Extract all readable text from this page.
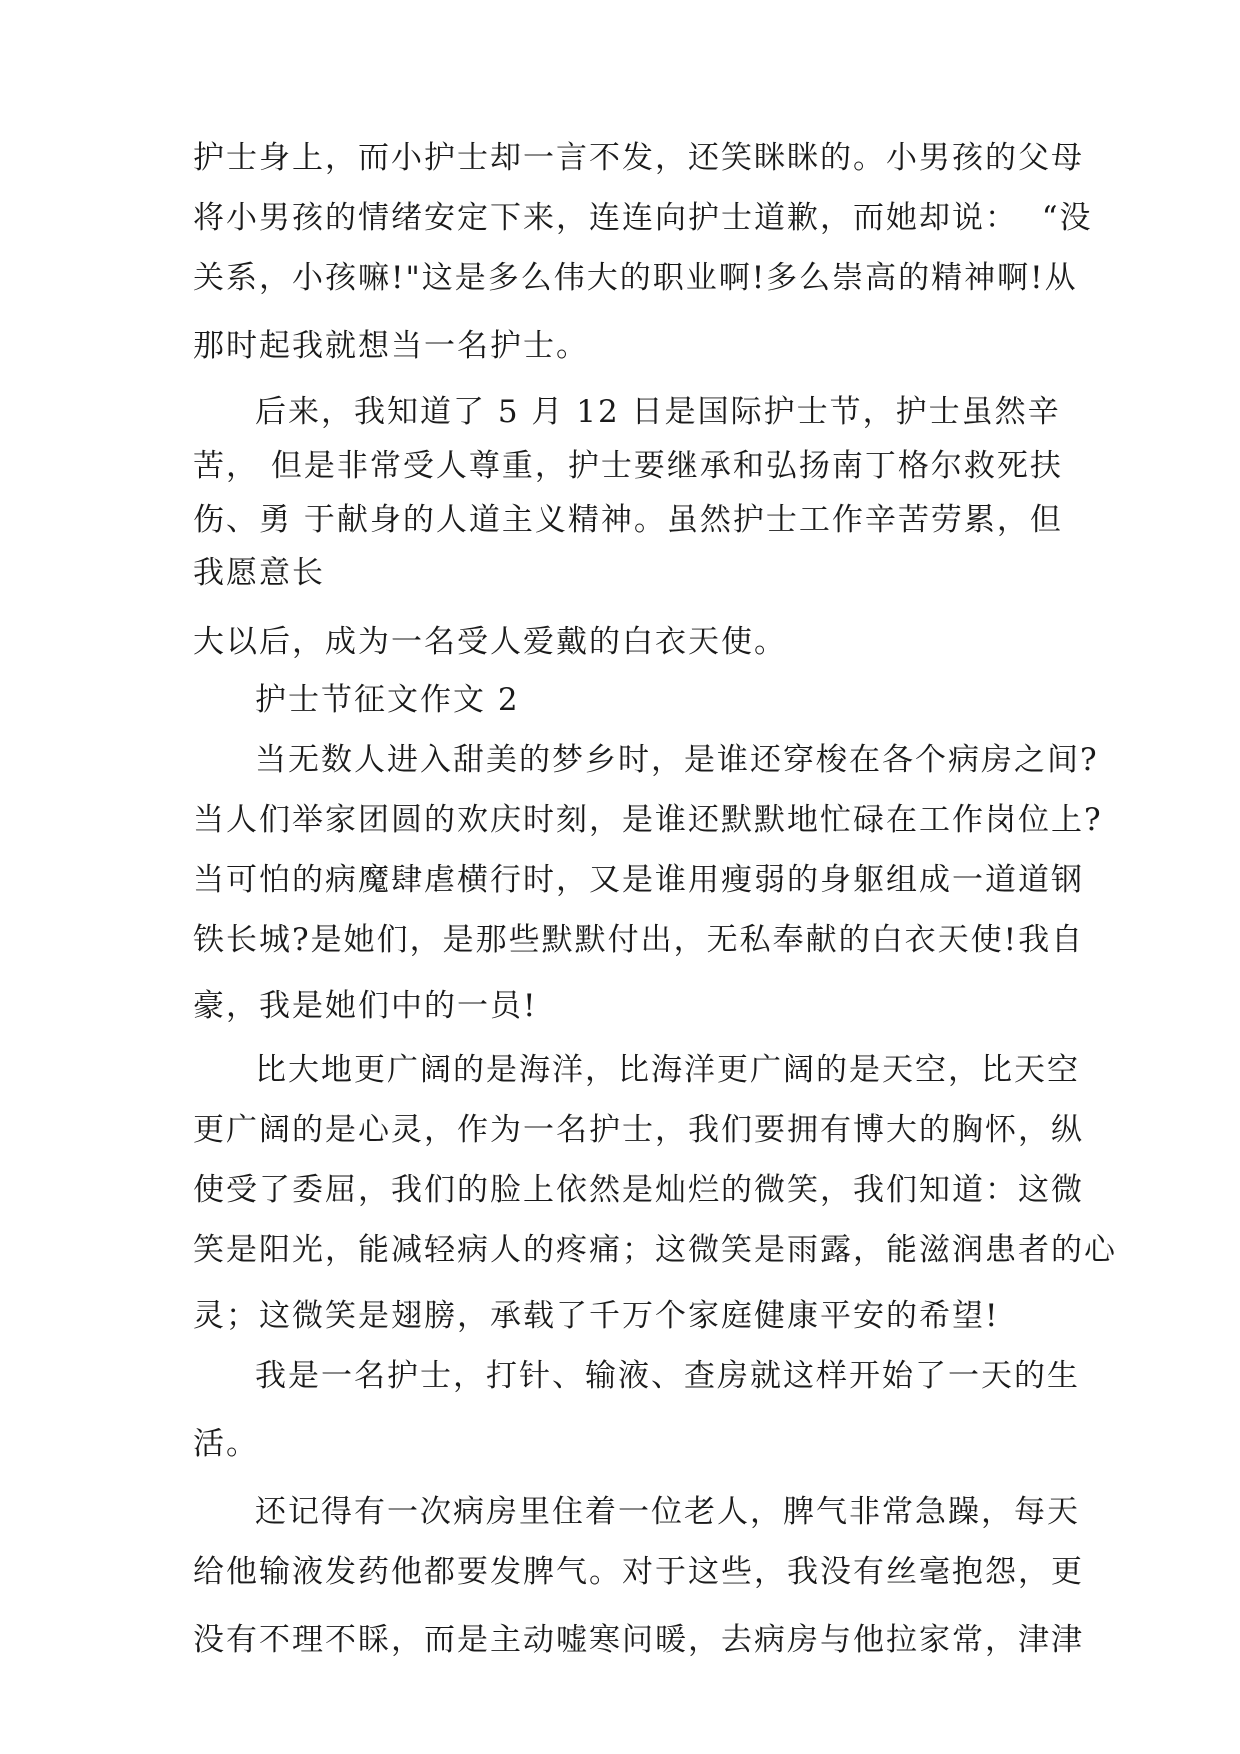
护士身上，而小护士却一言不发，还笑眯眯的。小男孩的父母
将小男孩的情绪安定下来，连连向护士道歉，而她却说：  “没
关系，小孩嘛!"这是多么伟大的职业啊!多么崇高的精神啊!从
那时起我就想当一名护士。
后来，我知道了 5 月 12 日是国际护士节，护士虽然辛
苦， 但是非常受人尊重，护士要继承和弘扬南丁格尔救死扶
伤、勇 于献身的人道主义精神。虽然护士工作辛苦劳累，但
我愿意长
大以后，成为一名受人爱戴的白衣天使。
护士节征文作文 2
当无数人进入甜美的梦乡时，是谁还穿梭在各个病房之间?
当人们举家团圆的欢庆时刻，是谁还默默地忙碌在工作岗位上?
当可怕的病魔肆虐横行时，又是谁用瘦弱的身躯组成一道道钢
铁长城?是她们，是那些默默付出，无私奉献的白衣天使!我自
豪，我是她们中的一员!
比大地更广阔的是海洋，比海洋更广阔的是天空，比天空
更广阔的是心灵，作为一名护士，我们要拥有博大的胸怀，纵
使受了委屈，我们的脸上依然是灿烂的微笑，我们知道：这微
笑是阳光，能减轻病人的疼痛；这微笑是雨露，能滋润患者的心
灵；这微笑是翅膀，承载了千万个家庭健康平安的希望!
我是一名护士，打针、输液、查房就这样开始了一天的生
活。
还记得有一次病房里住着一位老人，脾气非常急躁，每天
给他输液发药他都要发脾气。对于这些，我没有丝毫抱怨，更
没有不理不睬，而是主动嘘寒问暖，去病房与他拉家常，津津
